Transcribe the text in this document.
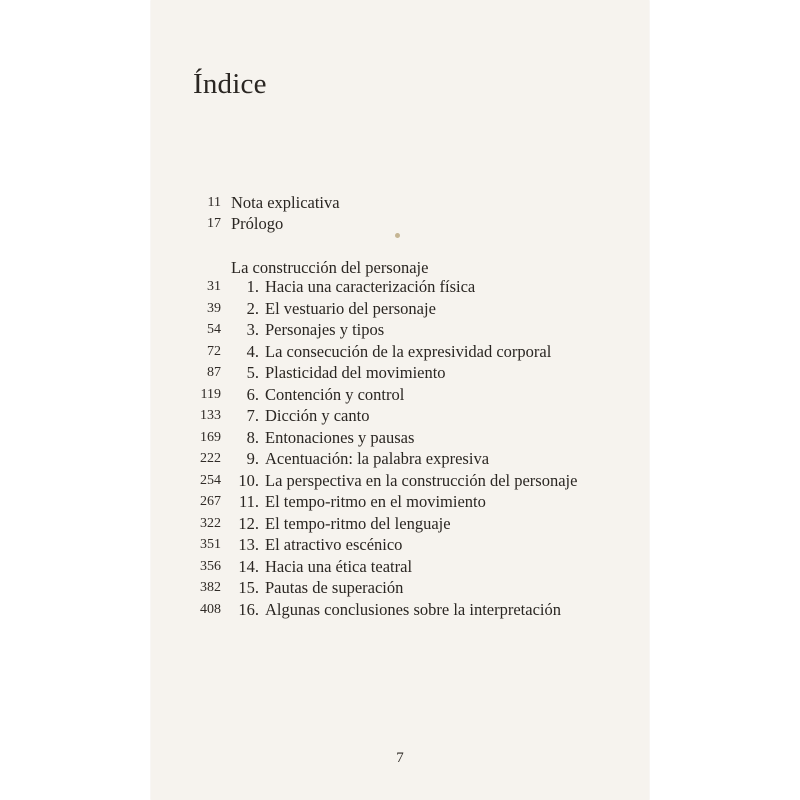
Índice
11 Nota explicativa
17 Prólogo
La construcción del personaje
31	1. Hacia una caracterización física
39	2. El vestuario del personaje
54	3. Personajes y tipos
72	4. La consecución de la expresividad corporal
87	5. Plasticidad del movimiento
119	6. Contención y control
133	7. Dicción y canto
169	8. Entonaciones y pausas
222	9. Acentuación: la palabra expresiva
254	10. La perspectiva en la construcción del personaje
267	11. El tempo-ritmo en el movimiento
322	12. El tempo-ritmo del lenguaje
351	13. El atractivo escénico
356	14. Hacia una ética teatral
382	15. Pautas de superación
408	16. Algunas conclusiones sobre la interpretación
7
